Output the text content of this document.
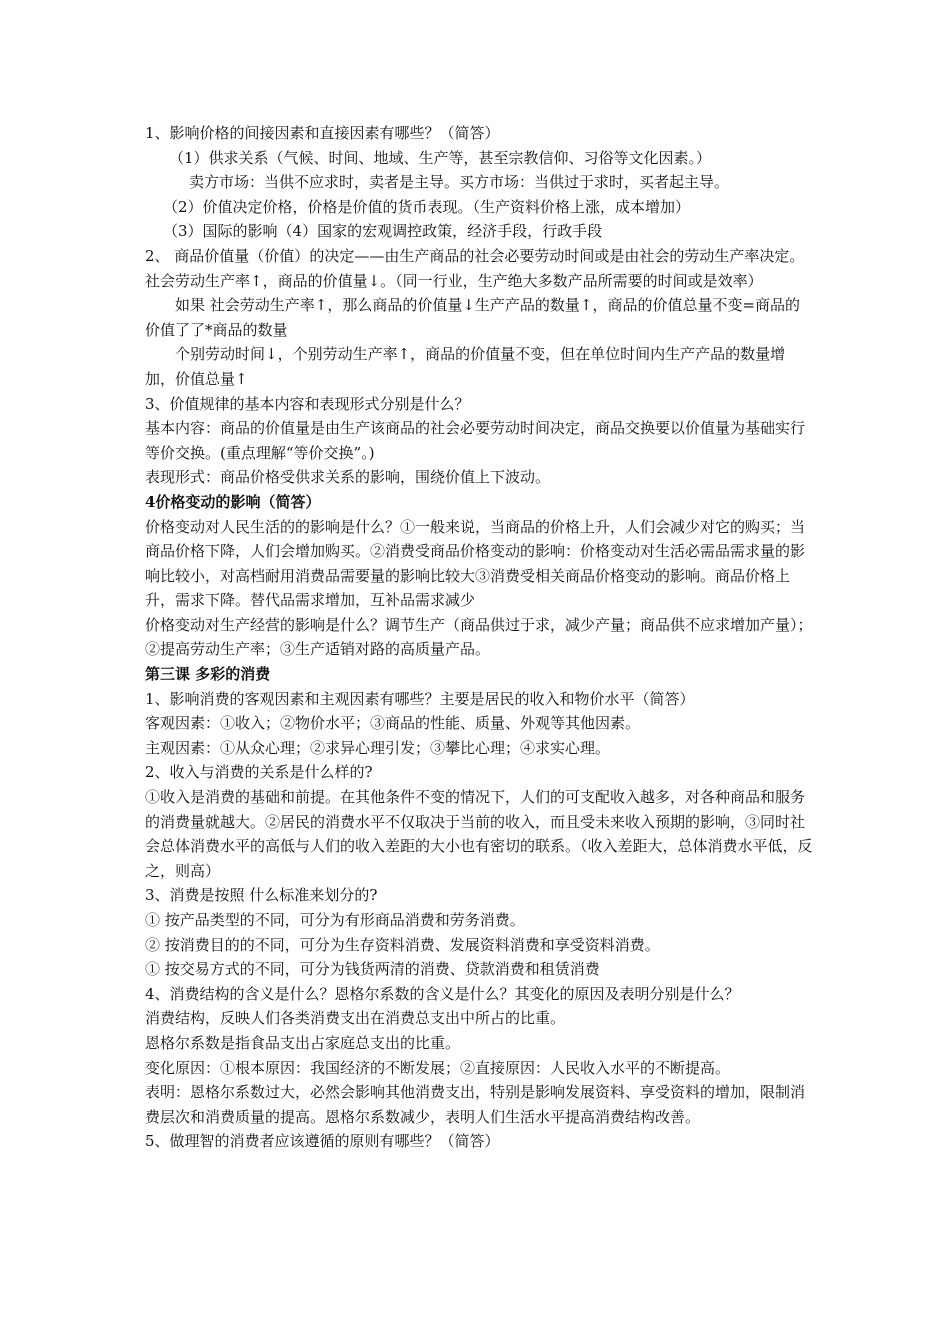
1、影响价格的间接因素和直接因素有哪些？（简答）

（1）供求关系（气候、时间、地域、生产等，甚至宗教信仰、习俗等文化因素。）

卖方市场：当供不应求时，卖者是主导。买方市场：当供过于求时，买者起主导。

（2）价值决定价格，价格是价值的货币表现。（生产资料价格上涨，成本增加）

（3）国际的影响（4）国家的宏观调控政策，经济手段，行政手段

2、 商品价值量（价值）的决定——由生产商品的社会必要劳动时间或是由社会的劳动生产率决定。社会劳动生产率↑，商品的价值量↓。（同一行业，生产绝大多数产品所需要的时间或是效率）

如果 社会劳动生产率↑，那么商品的价值量↓生产产品的数量↑，商品的价值总量不变=商品的价值了了*商品的数量

个别劳动时间↓，个别劳动生产率↑，商品的价值量不变，但在单位时间内生产产品的数量增加，价值总量↑

3、价值规律的基本内容和表现形式分别是什么？

基本内容：商品的价值量是由生产该商品的社会必要劳动时间决定，商品交换要以价值量为基础实行等价交换。(重点理解“等价交换”。)

表现形式：商品价格受供求关系的影响，围绕价值上下波动。

4价格变动的影响（简答）

价格变动对人民生活的的影响是什么？①一般来说，当商品的价格上升，人们会减少对它的购买；当商品价格下降，人们会增加购买。②消费受商品价格变动的影响：价格变动对生活必需品需求量的影响比较小，对高档耐用消费品需要量的影响比较大③消费受相关商品价格变动的影响。商品价格上升，需求下降。替代品需求增加，互补品需求减少

价格变动对生产经营的影响是什么？调节生产（商品供过于求，减少产量；商品供不应求增加产量）；②提高劳动生产率；③生产适销对路的高质量产品。

第三课 多彩的消费

1、影响消费的客观因素和主观因素有哪些？主要是居民的收入和物价水平（简答）

客观因素：①收入；②物价水平；③商品的性能、质量、外观等其他因素。

主观因素：①从众心理；②求异心理引发；③攀比心理；④求实心理。

2、收入与消费的关系是什么样的?

①收入是消费的基础和前提。在其他条件不变的情况下，人们的可支配收入越多，对各种商品和服务的消费量就越大。②居民的消费水平不仅取决于当前的收入，而且受未来收入预期的影响，③同时社会总体消费水平的高低与人们的收入差距的大小也有密切的联系。（收入差距大，总体消费水平低，反之，则高）

3、消费是按照 什么标准来划分的?

① 按产品类型的不同，可分为有形商品消费和劳务消费。

② 按消费目的的不同，可分为生存资料消费、发展资料消费和享受资料消费。

① 按交易方式的不同，可分为钱货两清的消费、贷款消费和租赁消费

4、消费结构的含义是什么？恩格尔系数的含义是什么？其变化的原因及表明分别是什么？

消费结构，反映人们各类消费支出在消费总支出中所占的比重。

恩格尔系数是指食品支出占家庭总支出的比重。

变化原因：①根本原因：我国经济的不断发展；②直接原因：人民收入水平的不断提高。

表明：恩格尔系数过大，必然会影响其他消费支出，特别是影响发展资料、享受资料的增加，限制消费层次和消费质量的提高。恩格尔系数减少，表明人们生活水平提高消费结构改善。

5、做理智的消费者应该遵循的原则有哪些？（简答）
